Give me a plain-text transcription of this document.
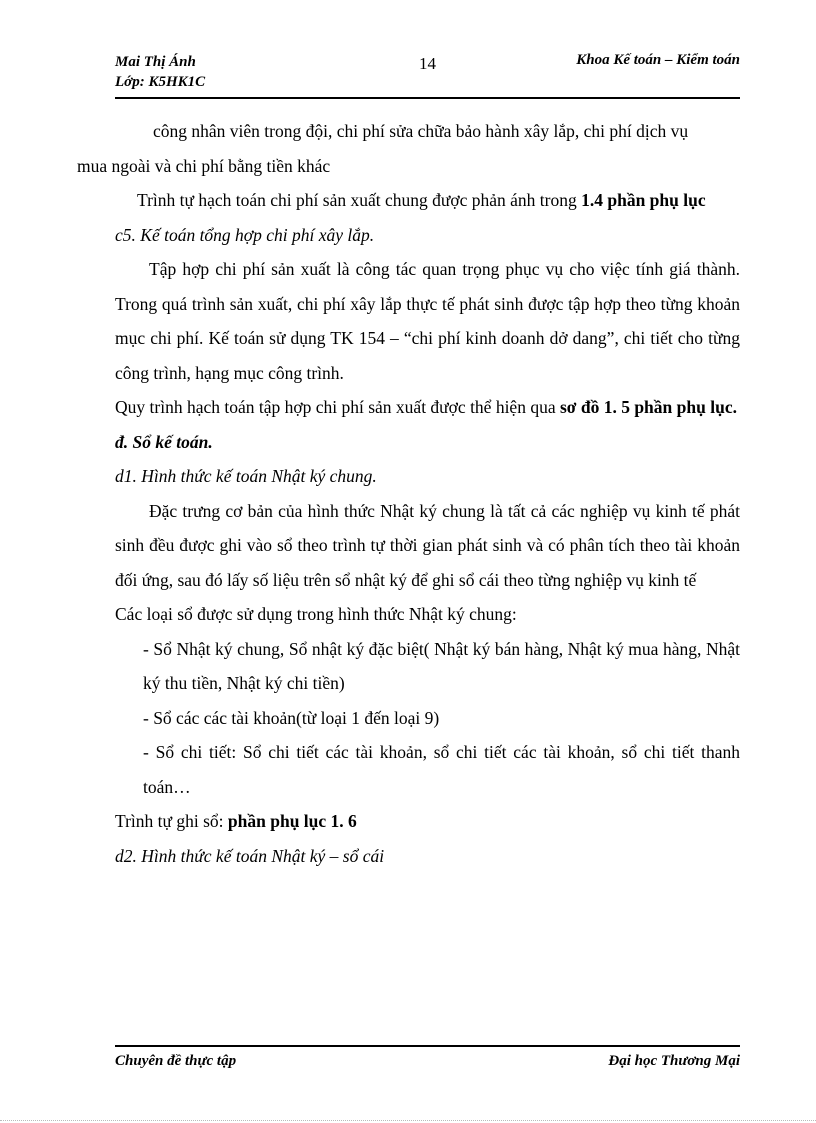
Mai Thị Ánh
Lớp: K5HK1C
14	Khoa Kế toán – Kiểm toán

công nhân viên trong đội, chi phí sửa chữa bảo hành xây lắp, chi phí dịch vụ
mua ngoài và chi phí bằng tiền khác

Trình tự hạch toán chi phí sản xuất chung được phản ánh trong 1.4 phần phụ lục

c5. Kế toán tổng hợp chi phí xây lắp.

Tập hợp chi phí sản xuất là công tác quan trọng phục vụ cho việc tính giá thành. Trong quá trình sản xuất, chi phí xây lắp thực tế phát sinh được tập hợp theo từng khoản mục chi phí. Kế toán sử dụng TK 154 – “chi phí kinh doanh dở dang”, chi tiết cho từng công trình, hạng mục công trình.

Quy trình hạch toán tập hợp chi phí sản xuất được thể hiện qua sơ đồ 1. 5 phần phụ lục.

đ. Sổ kế toán.

d1. Hình thức kế toán Nhật ký chung.

Đặc trưng cơ bản của hình thức Nhật ký chung là tất cả các nghiệp vụ kinh tế phát sinh đều được ghi vào sổ theo trình tự thời gian phát sinh và có phân tích theo tài khoản đối ứng, sau đó lấy số liệu trên sổ nhật ký để ghi sổ cái theo từng nghiệp vụ kinh tế

Các loại sổ được sử dụng trong hình thức Nhật ký chung:

- Sổ Nhật ký chung, Sổ nhật ký đặc biệt( Nhật ký bán hàng, Nhật ký mua hàng, Nhật ký thu tiền, Nhật ký chi tiền)

- Sổ các các tài khoản(từ loại 1 đến loại 9)

- Sổ chi tiết: Sổ chi tiết các tài khoản, sổ chi tiết các tài khoản, sổ chi tiết thanh toán…

Trình tự ghi sổ: phần phụ lục 1. 6

d2. Hình thức kế toán Nhật ký – sổ cái

Chuyên đề thực tập	Đại học Thương Mại
